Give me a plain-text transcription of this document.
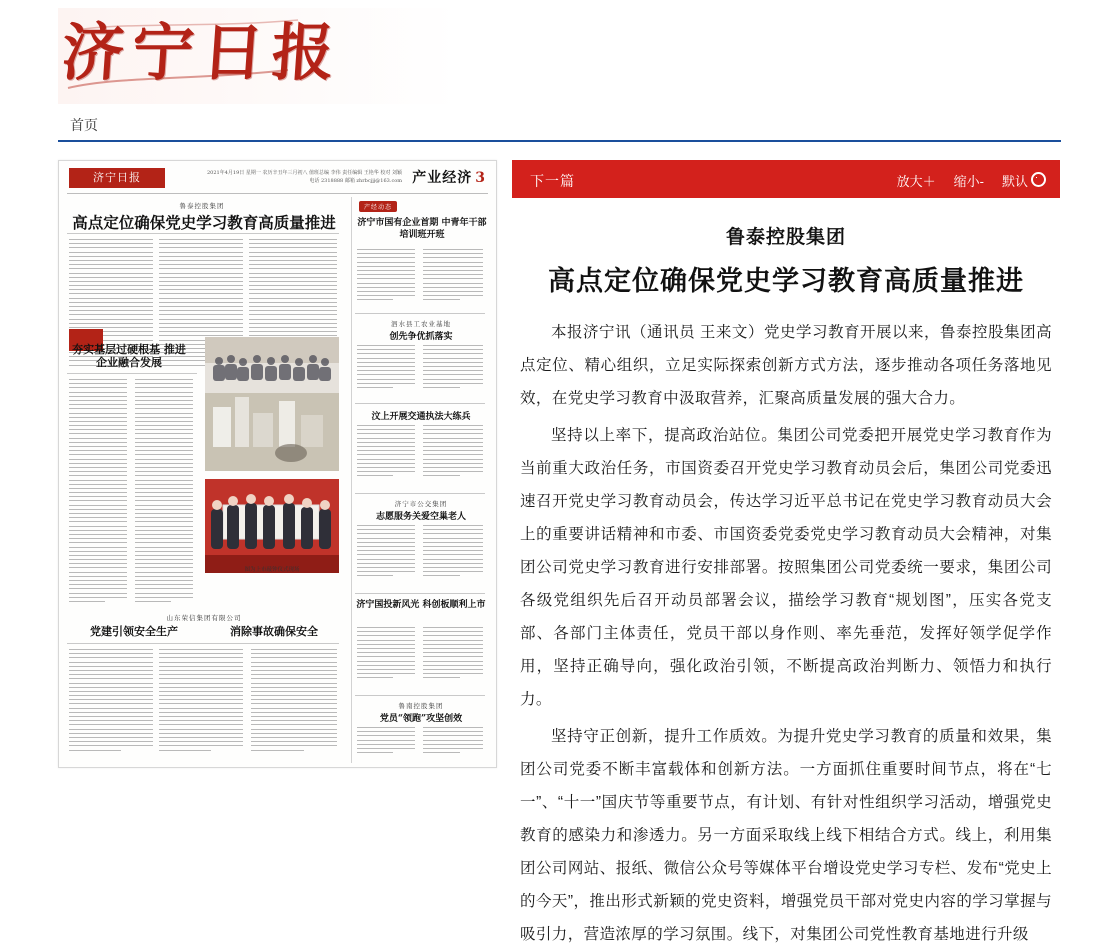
济宁日报
首页
济宁日报	2021年4月19日 星期一 农历辛丑年三月初八 值班总编 李伟 责任编辑 王艳华 校对 刘颖 电话 2318888 邮箱 zhrbcjjj@163.com 产业经济 3
鲁泰控股集团
高点定位确保党史学习教育高质量推进
夯实基层过硬根基 推进企业融合发展
图为上市敲钟仪式现场
山东荣信集团有限公司
党建引领安全生产	消除事故确保安全
产经动态
济宁市国有企业首期 中青年干部培训班开班
泗水县工农业基地
创先争优抓落实
汶上开展交通执法大练兵
济宁市公交集团
志愿服务关爱空巢老人
济宁国投新风光 科创板顺利上市
鲁南控股集团
党员“领跑”攻坚创效
下一篇	放大＋ 缩小- 默认
鲁泰控股集团
高点定位确保党史学习教育高质量推进

本报济宁讯（通讯员 王来文）党史学习教育开展以来，鲁泰控股集团高点定位、精心组织，立足实际探索创新方式方法，逐步推动各项任务落地见效，在党史学习教育中汲取营养，汇聚高质量发展的强大合力。

坚持以上率下，提高政治站位。集团公司党委把开展党史学习教育作为当前重大政治任务，市国资委召开党史学习教育动员会后，集团公司党委迅速召开党史学习教育动员会，传达学习近平总书记在党史学习教育动员大会上的重要讲话精神和市委、市国资委党委党史学习教育动员大会精神，对集团公司党史学习教育进行安排部署。按照集团公司党委统一要求，集团公司各级党组织先后召开动员部署会议，描绘学习教育“规划图”，压实各党支部、各部门主体责任，党员干部以身作则、率先垂范，发挥好领学促学作用，坚持正确导向，强化政治引领，不断提高政治判断力、领悟力和执行力。

坚持守正创新，提升工作质效。为提升党史学习教育的质量和效果，集团公司党委不断丰富载体和创新方法。一方面抓住重要时间节点，将在“七一”、“十一”国庆节等重要节点，有计划、有针对性组织学习活动，增强党史教育的感染力和渗透力。另一方面采取线上线下相结合方式。线上，利用集团公司网站、报纸、微信公众号等媒体平台增设党史学习专栏、发布“党史上的今天”，推出形式新颖的党史资料，增强党员干部对党史内容的学习掌握与吸引力，营造浓厚的学习氛围。线下，对集团公司党性教育基地进行升级
